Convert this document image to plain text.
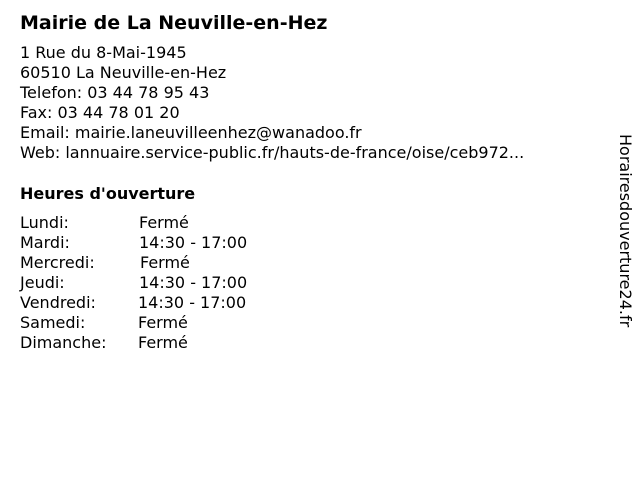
Mairie de La Neuville-en-Hez
1 Rue du 8-Mai-1945
60510 La Neuville-en-Hez
Telefon: 03 44 78 95 43
Fax: 03 44 78 01 20
Email: mairie.laneuvilleenhez@wanadoo.fr
Web: lannuaire.service-public.fr/hauts-de-france/oise/ceb972...
Heures d'ouverture
Lundi:	Fermé
Mardi:	14:30 - 17:00
Mercredi:	Fermé
Jeudi:	14:30 - 17:00
Vendredi:	14:30 - 17:00
Samedi:	Fermé
Dimanche: Fermé
Horairesdouverture24.fr
